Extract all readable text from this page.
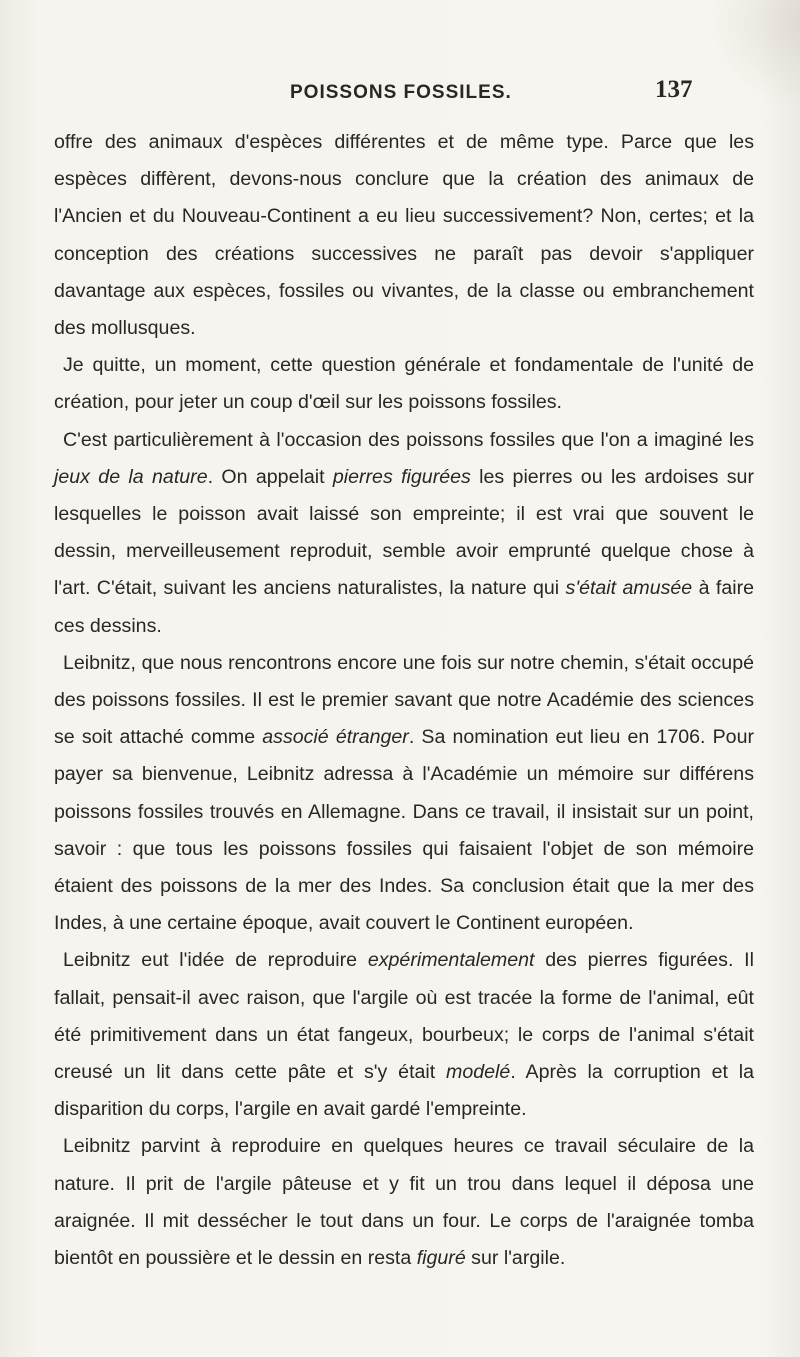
POISSONS FOSSILES.	137

offre des animaux d'espèces différentes et de même type. Parce que les espèces diffèrent, devons-nous conclure que la création des animaux de l'Ancien et du Nouveau-Continent a eu lieu successivement? Non, certes; et la conception des créations successives ne paraît pas devoir s'appliquer davantage aux espèces, fossiles ou vivantes, de la classe ou embranchement des mollusques.

Je quitte, un moment, cette question générale et fondamentale de l'unité de création, pour jeter un coup d'œil sur les poissons fossiles.

C'est particulièrement à l'occasion des poissons fossiles que l'on a imaginé les jeux de la nature. On appelait pierres figurées les pierres ou les ardoises sur lesquelles le poisson avait laissé son empreinte; il est vrai que souvent le dessin, merveilleusement reproduit, semble avoir emprunté quelque chose à l'art. C'était, suivant les anciens naturalistes, la nature qui s'était amusée à faire ces dessins.

Leibnitz, que nous rencontrons encore une fois sur notre chemin, s'était occupé des poissons fossiles. Il est le premier savant que notre Académie des sciences se soit attaché comme associé étranger. Sa nomination eut lieu en 1706. Pour payer sa bienvenue, Leibnitz adressa à l'Académie un mémoire sur différens poissons fossiles trouvés en Allemagne. Dans ce travail, il insistait sur un point, savoir : que tous les poissons fossiles qui faisaient l'objet de son mémoire étaient des poissons de la mer des Indes. Sa conclusion était que la mer des Indes, à une certaine époque, avait couvert le Continent européen.

Leibnitz eut l'idée de reproduire expérimentalement des pierres figurées. Il fallait, pensait-il avec raison, que l'argile où est tracée la forme de l'animal, eût été primitivement dans un état fangeux, bourbeux; le corps de l'animal s'était creusé un lit dans cette pâte et s'y était modelé. Après la corruption et la disparition du corps, l'argile en avait gardé l'empreinte.

Leibnitz parvint à reproduire en quelques heures ce travail séculaire de la nature. Il prit de l'argile pâteuse et y fit un trou dans lequel il déposa une araignée. Il mit dessécher le tout dans un four. Le corps de l'araignée tomba bientôt en poussière et le dessin en resta figuré sur l'argile.
